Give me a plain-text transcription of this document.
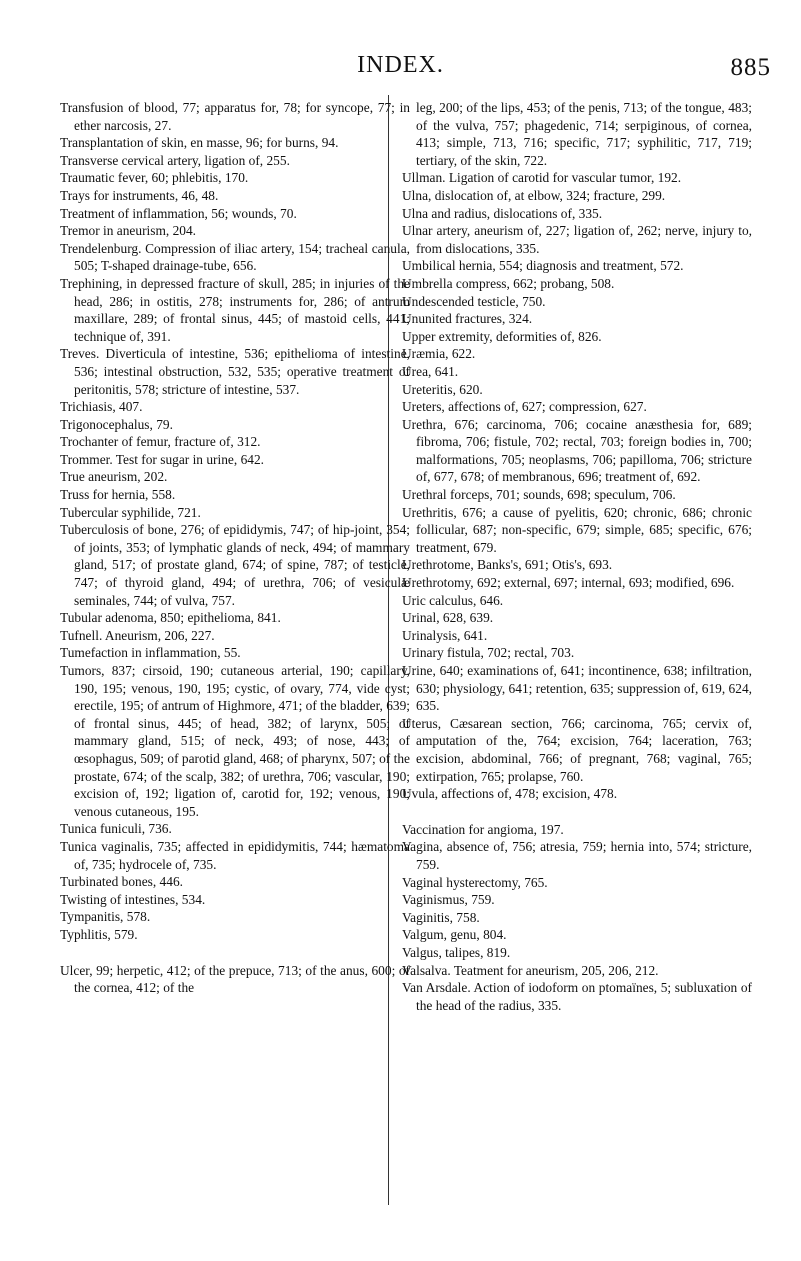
INDEX.	885

Transfusion of blood, 77; apparatus for, 78; for syncope, 77; in ether narcosis, 27.

Transplantation of skin, en masse, 96; for burns, 94.

Transverse cervical artery, ligation of, 255.

Traumatic fever, 60; phlebitis, 170.

Trays for instruments, 46, 48.

Treatment of inflammation, 56; wounds, 70.

Tremor in aneurism, 204.

Trendelenburg. Compression of iliac artery, 154; tracheal canula, 505; T-shaped drainage-tube, 656.

Trephining, in depressed fracture of skull, 285; in injuries of the head, 286; in ostitis, 278; instruments for, 286; of antrum maxillare, 289; of frontal sinus, 445; of mastoid cells, 441; technique of, 391.

Treves. Diverticula of intestine, 536; epithelioma of intestine, 536; intestinal obstruction, 532, 535; operative treatment of peritonitis, 578; stricture of intestine, 537.

Trichiasis, 407.

Trigonocephalus, 79.

Trochanter of femur, fracture of, 312.

Trommer. Test for sugar in urine, 642.

True aneurism, 202.

Truss for hernia, 558.

Tubercular syphilide, 721.

Tuberculosis of bone, 276; of epididymis, 747; of hip-joint, 354; of joints, 353; of lymphatic glands of neck, 494; of mammary gland, 517; of prostate gland, 674; of spine, 787; of testicle, 747; of thyroid gland, 494; of urethra, 706; of vesiculæ seminales, 744; of vulva, 757.

Tubular adenoma, 850; epithelioma, 841.

Tufnell. Aneurism, 206, 227.

Tumefaction in inflammation, 55.

Tumors, 837; cirsoid, 190; cutaneous arterial, 190; capillary, 190, 195; venous, 190, 195; cystic, of ovary, 774, vide cyst; erectile, 195; of antrum of Highmore, 471; of the bladder, 639; of frontal sinus, 445; of head, 382; of larynx, 505; of mammary gland, 515; of neck, 493; of nose, 443; of œsophagus, 509; of parotid gland, 468; of pharynx, 507; of the prostate, 674; of the scalp, 382; of urethra, 706; vascular, 190; excision of, 192; ligation of, carotid for, 192; venous, 190; venous cutaneous, 195.

Tunica funiculi, 736.

Tunica vaginalis, 735; affected in epididymitis, 744; hæmatoma of, 735; hydrocele of, 735.

Turbinated bones, 446.

Twisting of intestines, 534.

Tympanitis, 578.

Typhlitis, 579.

Ulcer, 99; herpetic, 412; of the prepuce, 713; of the anus, 600; of the cornea, 412; of the

leg, 200; of the lips, 453; of the penis, 713; of the tongue, 483; of the vulva, 757; phagedenic, 714; serpiginous, of cornea, 413; simple, 713, 716; specific, 717; syphilitic, 717, 719; tertiary, of the skin, 722.

Ullman. Ligation of carotid for vascular tumor, 192.

Ulna, dislocation of, at elbow, 324; fracture, 299.

Ulna and radius, dislocations of, 335.

Ulnar artery, aneurism of, 227; ligation of, 262; nerve, injury to, from dislocations, 335.

Umbilical hernia, 554; diagnosis and treatment, 572.

Umbrella compress, 662; probang, 508.

Undescended testicle, 750.

Ununited fractures, 324.

Upper extremity, deformities of, 826.

Uræmia, 622.

Urea, 641.

Ureteritis, 620.

Ureters, affections of, 627; compression, 627.

Urethra, 676; carcinoma, 706; cocaine anæsthesia for, 689; fibroma, 706; fistule, 702; rectal, 703; foreign bodies in, 700; malformations, 705; neoplasms, 706; papilloma, 706; stricture of, 677, 678; of membranous, 696; treatment of, 692.

Urethral forceps, 701; sounds, 698; speculum, 706.

Urethritis, 676; a cause of pyelitis, 620; chronic, 686; chronic follicular, 687; non-specific, 679; simple, 685; specific, 676; treatment, 679.

Urethrotome, Banks's, 691; Otis's, 693.

Urethrotomy, 692; external, 697; internal, 693; modified, 696.

Uric calculus, 646.

Urinal, 628, 639.

Urinalysis, 641.

Urinary fistula, 702; rectal, 703.

Urine, 640; examinations of, 641; incontinence, 638; infiltration, 630; physiology, 641; retention, 635; suppression of, 619, 624, 635.

Uterus, Cæsarean section, 766; carcinoma, 765; cervix of, amputation of the, 764; excision, 764; laceration, 763; excision, abdominal, 766; of pregnant, 768; vaginal, 765; extirpation, 765; prolapse, 760.

Uvula, affections of, 478; excision, 478.

Vaccination for angioma, 197.

Vagina, absence of, 756; atresia, 759; hernia into, 574; stricture, 759.

Vaginal hysterectomy, 765.

Vaginismus, 759.

Vaginitis, 758.

Valgum, genu, 804.

Valgus, talipes, 819.

Valsalva. Teatment for aneurism, 205, 206, 212.

Van Arsdale. Action of iodoform on ptomaïnes, 5; subluxation of the head of the radius, 335.
